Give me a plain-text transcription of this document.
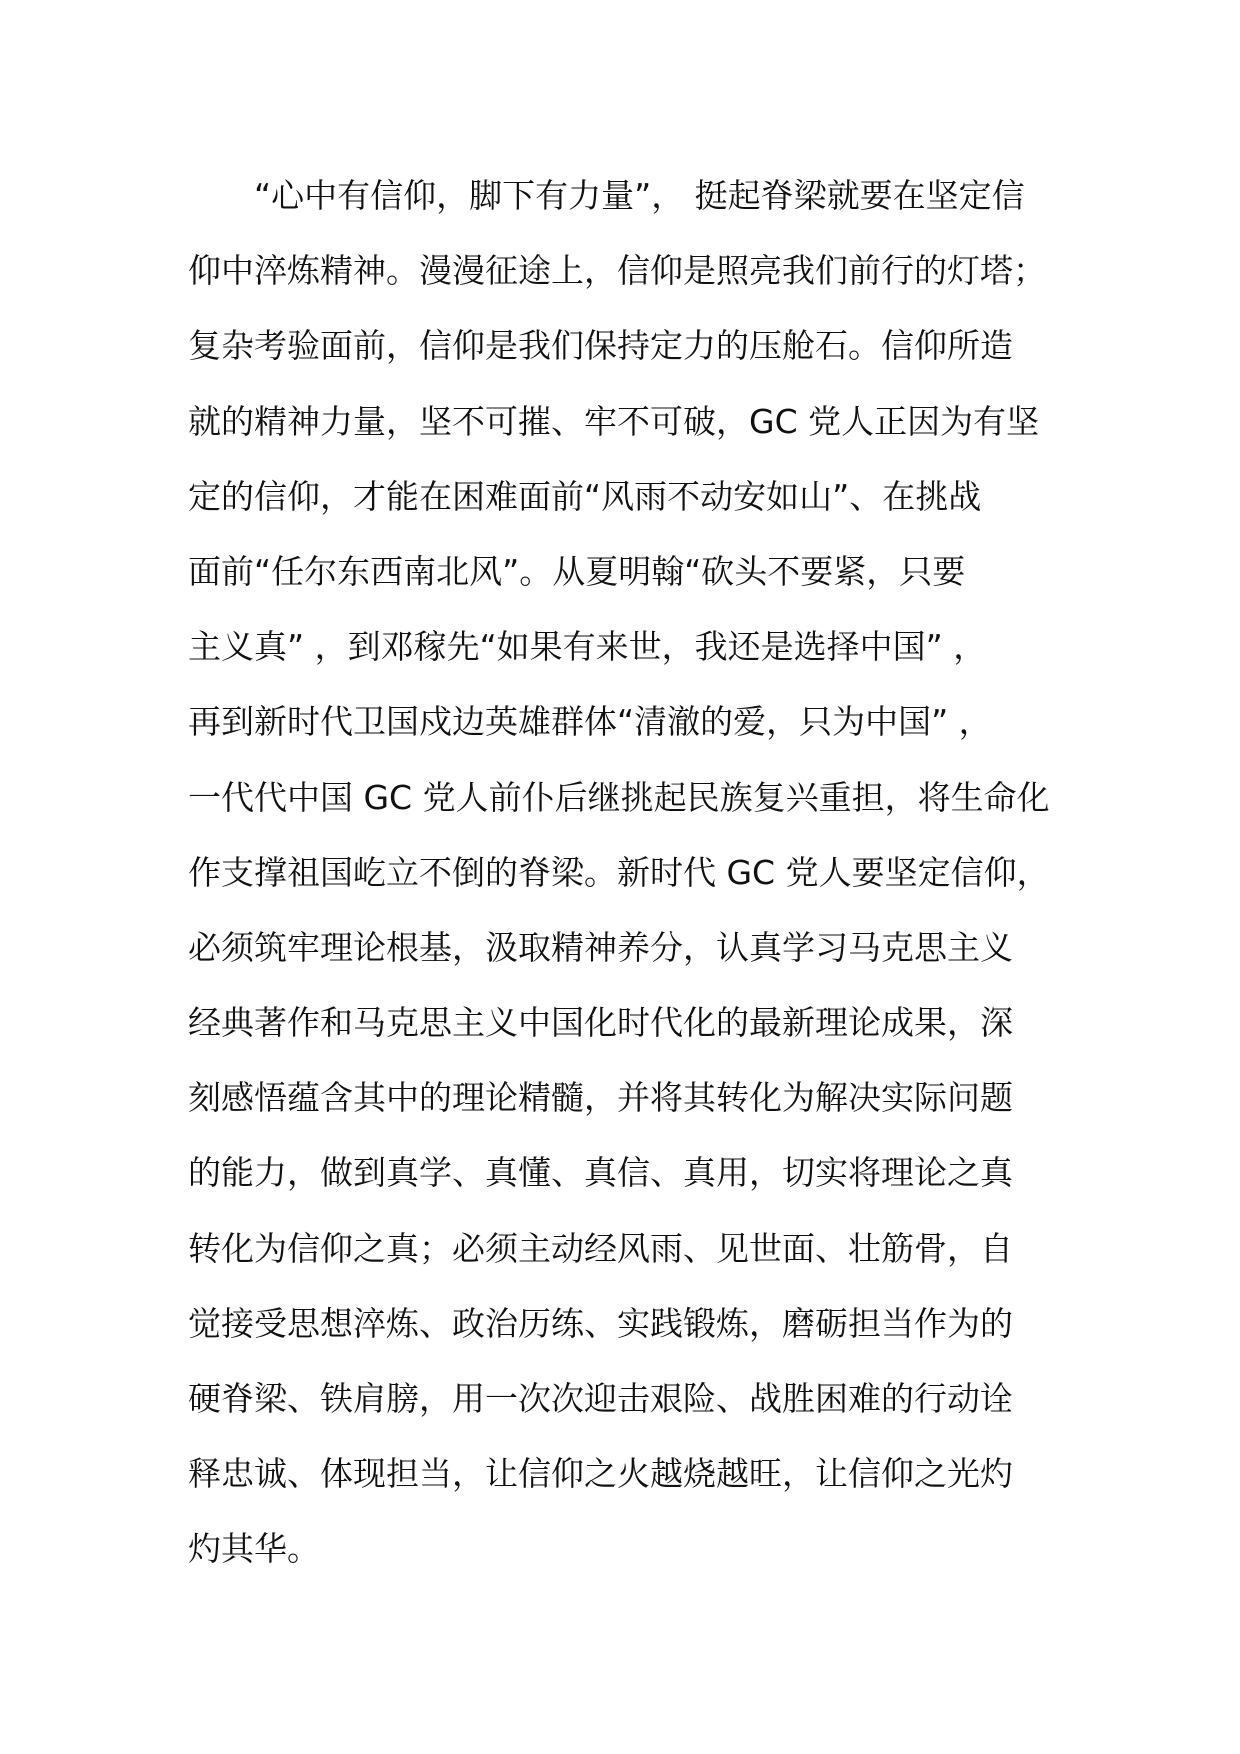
“心中有信仰，脚下有力量”， 挺起脊梁就要在坚定信
仰中淬炼精神。漫漫征途上，信仰是照亮我们前行的灯塔；
复杂考验面前，信仰是我们保持定力的压舱石。信仰所造
就的精神力量，坚不可摧、牢不可破，GC 党人正因为有坚
定的信仰，才能在困难面前“风雨不动安如山”、在挑战
面前“任尔东西南北风”。从夏明翰“砍头不要紧，只要
主义真” ，到邓稼先“如果有来世，我还是选择中国” ，
再到新时代卫国戍边英雄群体“清澈的爱，只为中国” ，
一代代中国 GC 党人前仆后继挑起民族复兴重担，将生命化
作支撑祖国屹立不倒的脊梁。新时代 GC 党人要坚定信仰，
必须筑牢理论根基，汲取精神养分，认真学习马克思主义
经典著作和马克思主义中国化时代化的最新理论成果，深
刻感悟蕴含其中的理论精髓，并将其转化为解决实际问题
的能力，做到真学、真懂、真信、真用，切实将理论之真
转化为信仰之真；必须主动经风雨、见世面、壮筋骨，自
觉接受思想淬炼、政治历练、实践锻炼，磨砺担当作为的
硬脊梁、铁肩膀，用一次次迎击艰险、战胜困难的行动诠
释忠诚、体现担当，让信仰之火越烧越旺，让信仰之光灼
灼其华。
